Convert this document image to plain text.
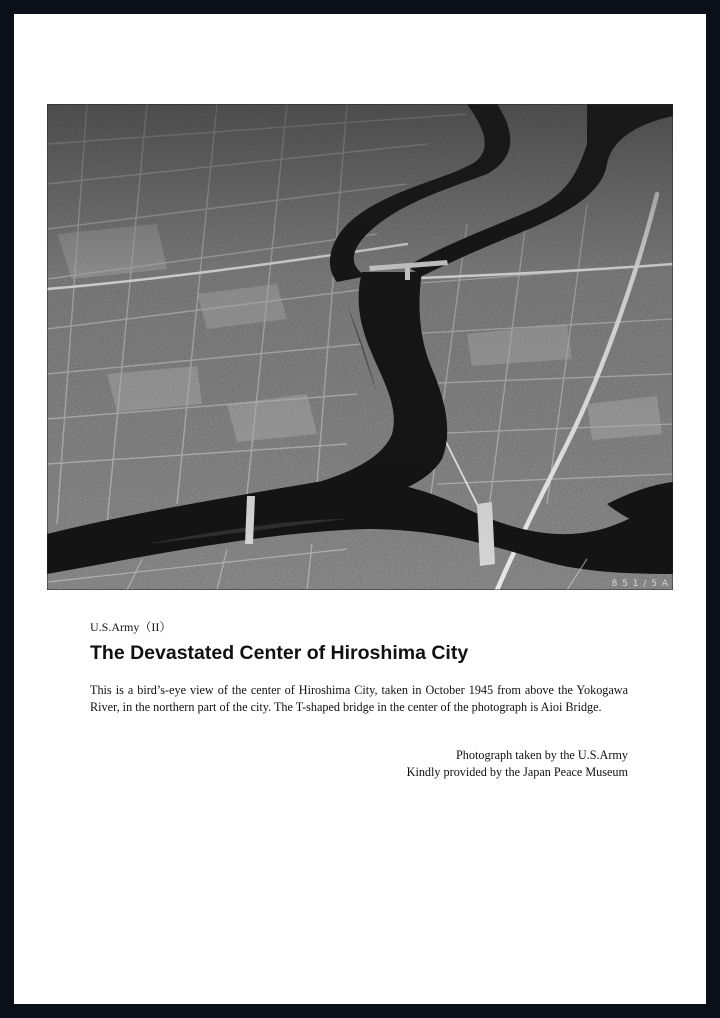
8 5 1 / 5 A
U.S.Army（II）
The Devastated Center of Hiroshima City

This is a bird’s-eye view of the center of Hiroshima City, taken in October 1945 from above the Yokogawa River, in the northern part of the city. The T-shaped bridge in the center of the photograph is Aioi Bridge.

Photograph taken by the U.S.Army
Kindly provided by the Japan Peace Museum
